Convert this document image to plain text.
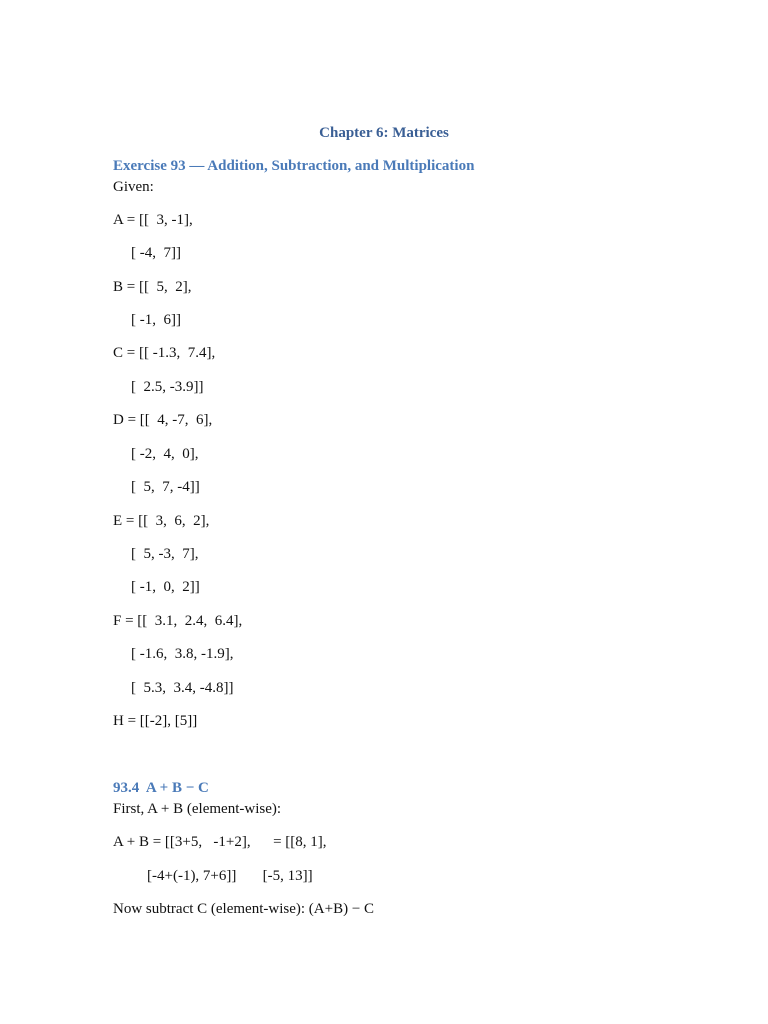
Chapter 6: Matrices
Exercise 93 — Addition, Subtraction, and Multiplication
Given:
A = [[  3, -1],
[ -4,  7]]
B = [[  5,  2],
[ -1,  6]]
C = [[ -1.3,  7.4],
[  2.5, -3.9]]
D = [[  4, -7,  6],
[ -2,  4,  0],
[  5,  7, -4]]
E = [[  3,  6,  2],
[  5, -3,  7],
[ -1,  0,  2]]
F = [[  3.1,  2.4,  6.4],
[ -1.6,  3.8, -1.9],
[  5.3,  3.4, -4.8]]
H = [[-2], [5]]
93.4  A + B − C
First, A + B (element-wise):
A + B = [[3+5,   -1+2],      = [[8, 1],
[-4+(-1), 7+6]]       [-5, 13]]
Now subtract C (element-wise): (A+B) − C
